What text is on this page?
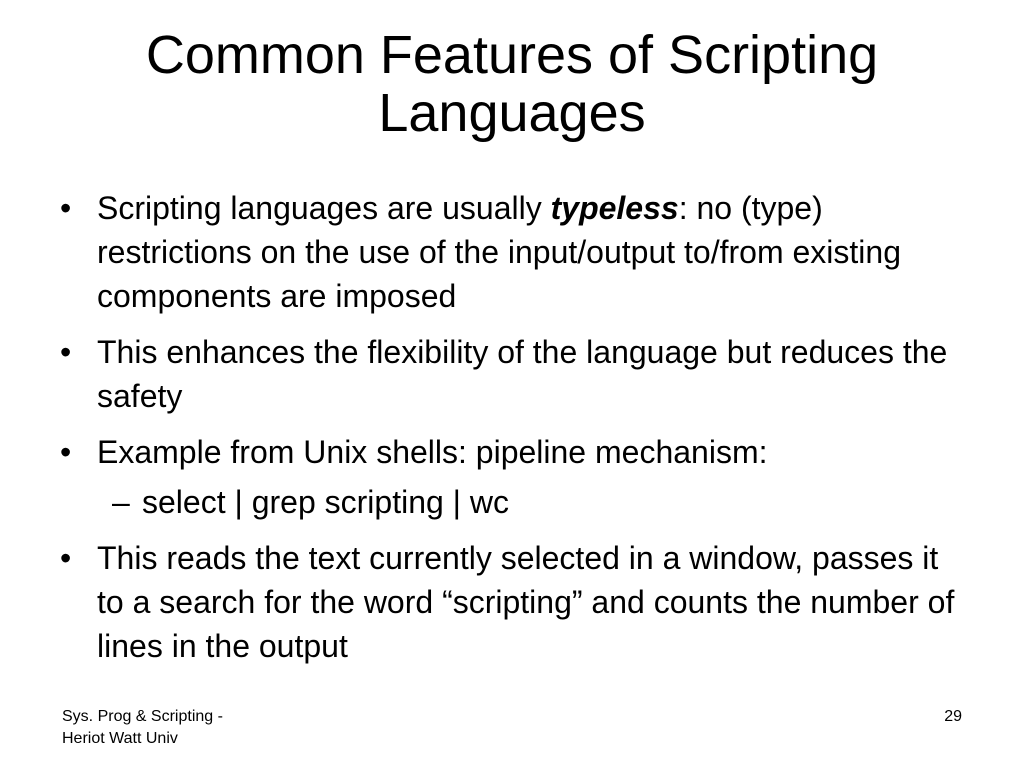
Common Features of Scripting
Languages
• Scripting languages are usually typeless: no (type) restrictions on the use of the input/output to/from existing components are imposed
• This enhances the flexibility of the language but reduces the safety
• Example from Unix shells: pipeline mechanism:
– select | grep scripting | wc
• This reads the text currently selected in a window, passes it to a search for the word “scripting” and counts the number of lines in the output
Sys. Prog & Scripting -
Heriot Watt Univ
29
